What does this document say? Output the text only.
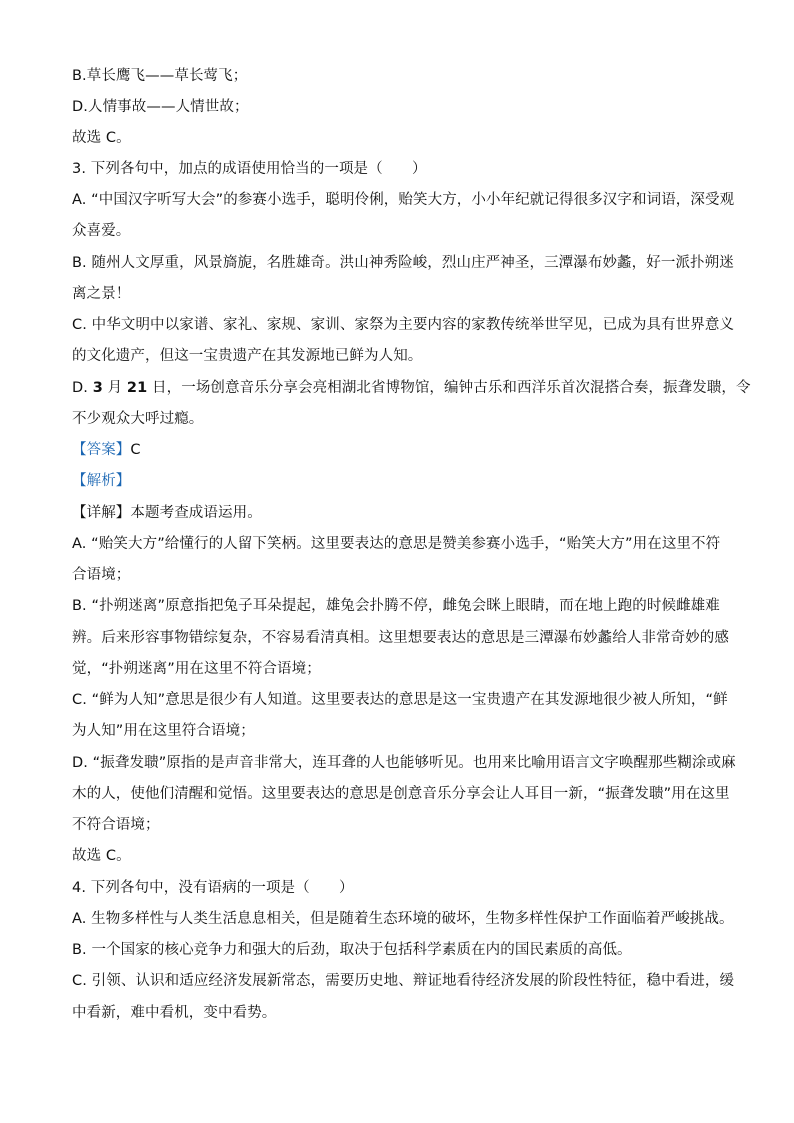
B.草长鹰飞——草长莺飞；
D.人情事故——人情世故；
故选 C。
3. 下列各句中，加点的成语使用恰当的一项是（　　）
A. “中国汉字听写大会”的参赛小选手，聪明伶俐，贻笑大方，小小年纪就记得很多汉字和词语，深受观
众喜爱。
B. 随州人文厚重，风景旖旎，名胜雄奇。洪山神秀险峻，烈山庄严神圣，三潭瀑布妙蠡，好一派扑朔迷
离之景！
C. 中华文明中以家谱、家礼、家规、家训、家祭为主要内容的家教传统举世罕见，已成为具有世界意义
的文化遗产，但这一宝贵遗产在其发源地已鲜为人知。
D. 3 月 21 日，一场创意音乐分享会亮相湖北省博物馆，编钟古乐和西洋乐首次混搭合奏，振聋发聩，令
不少观众大呼过瘾。
【答案】C
【解析】
【详解】本题考查成语运用。
A. “贻笑大方”给懂行的人留下笑柄。这里要表达的意思是赞美参赛小选手，“贻笑大方”用在这里不符
合语境；
B. “扑朔迷离”原意指把兔子耳朵提起，雄兔会扑腾不停，雌兔会眯上眼睛，而在地上跑的时候雌雄难
辨。后来形容事物错综复杂，不容易看清真相。这里想要表达的意思是三潭瀑布妙蠡给人非常奇妙的感
觉，“扑朔迷离”用在这里不符合语境；
C. “鲜为人知”意思是很少有人知道。这里要表达的意思是这一宝贵遗产在其发源地很少被人所知，“鲜
为人知”用在这里符合语境；
D. “振聋发聩”原指的是声音非常大，连耳聋的人也能够听见。也用来比喻用语言文字唤醒那些糊涂或麻
木的人，使他们清醒和觉悟。这里要表达的意思是创意音乐分享会让人耳目一新，“振聋发聩”用在这里
不符合语境；
故选 C。
4. 下列各句中，没有语病的一项是（　　）
A. 生物多样性与人类生活息息相关，但是随着生态环境的破坏，生物多样性保护工作面临着严峻挑战。
B. 一个国家的核心竞争力和强大的后劲，取决于包括科学素质在内的国民素质的高低。
C. 引领、认识和适应经济发展新常态，需要历史地、辩证地看待经济发展的阶段性特征，稳中看进，缓
中看新，难中看机，变中看势。
